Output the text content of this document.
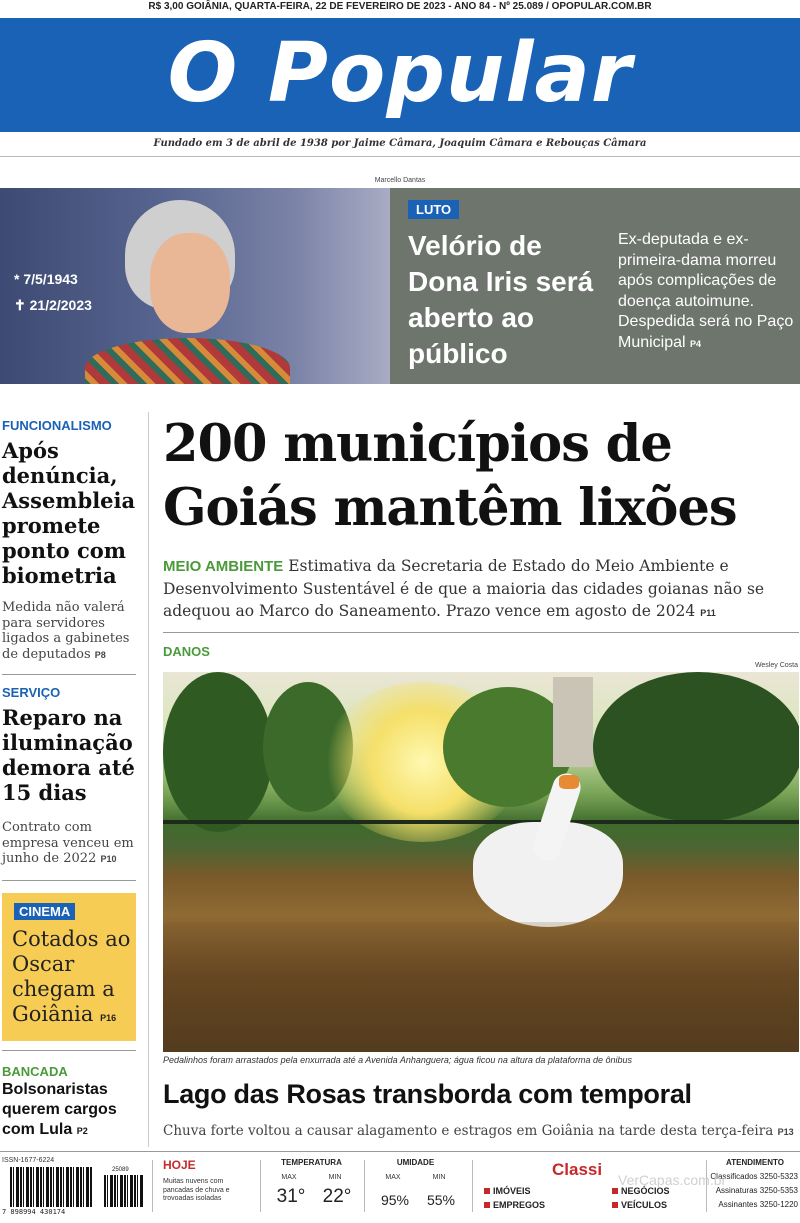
R$ 3,00 GOIÂNIA, QUARTA-FEIRA, 22 DE FEVEREIRO DE 2023 - ANO 84 - Nº 25.089 / OPOPULAR.COM.BR
O Popular
Fundado em 3 de abril de 1938 por Jaime Câmara, Joaquim Câmara e Rebouças Câmara
Marcello Dantas
* 7/5/1943
✝ 21/2/2023
LUTO
Velório de Dona Iris será aberto ao público
Ex-deputada e ex-primeira-dama morreu após complicações de doença autoimune. Despedida será no Paço Municipal P4
FUNCIONALISMO
Após denúncia, Assembleia promete ponto com biometria
Medida não valerá para servidores ligados a gabinetes de deputados P8
SERVIÇO
Reparo na iluminação demora até 15 dias
Contrato com empresa venceu em junho de 2022 P10
CINEMA
Cotados ao Oscar chegam a Goiânia P16
BANCADA
Bolsonaristas querem cargos com Lula P2
200 municípios de Goiás mantêm lixões
MEIO AMBIENTE Estimativa da Secretaria de Estado do Meio Ambiente e Desenvolvimento Sustentável é de que a maioria das cidades goianas não se adequou ao Marco do Saneamento. Prazo vence em agosto de 2024 P11
DANOS
Wesley Costa
Pedalinhos foram arrastados pela enxurrada até a Avenida Anhanguera; água ficou na altura da plataforma de ônibus
Lago das Rosas transborda com temporal
Chuva forte voltou a causar alagamento e estragos em Goiânia na tarde desta terça-feira P13
ISSN-1677-6224
7 898994 430174
25089	HOJE
Muitas nuvens com pancadas de chuva e trovoadas isoladas
TEMPERATURA
MAX	MIN
31° 22°
UMIDADE
MAX	MIN
95%	55%
Classi
IMÓVEIS	NEGÓCIOS
EMPREGOS	VEÍCULOS
ATENDIMENTO
Classificados 3250-5323
Assinaturas 3250-5353
Assinantes 3250-1220
VerCapas.com.br
